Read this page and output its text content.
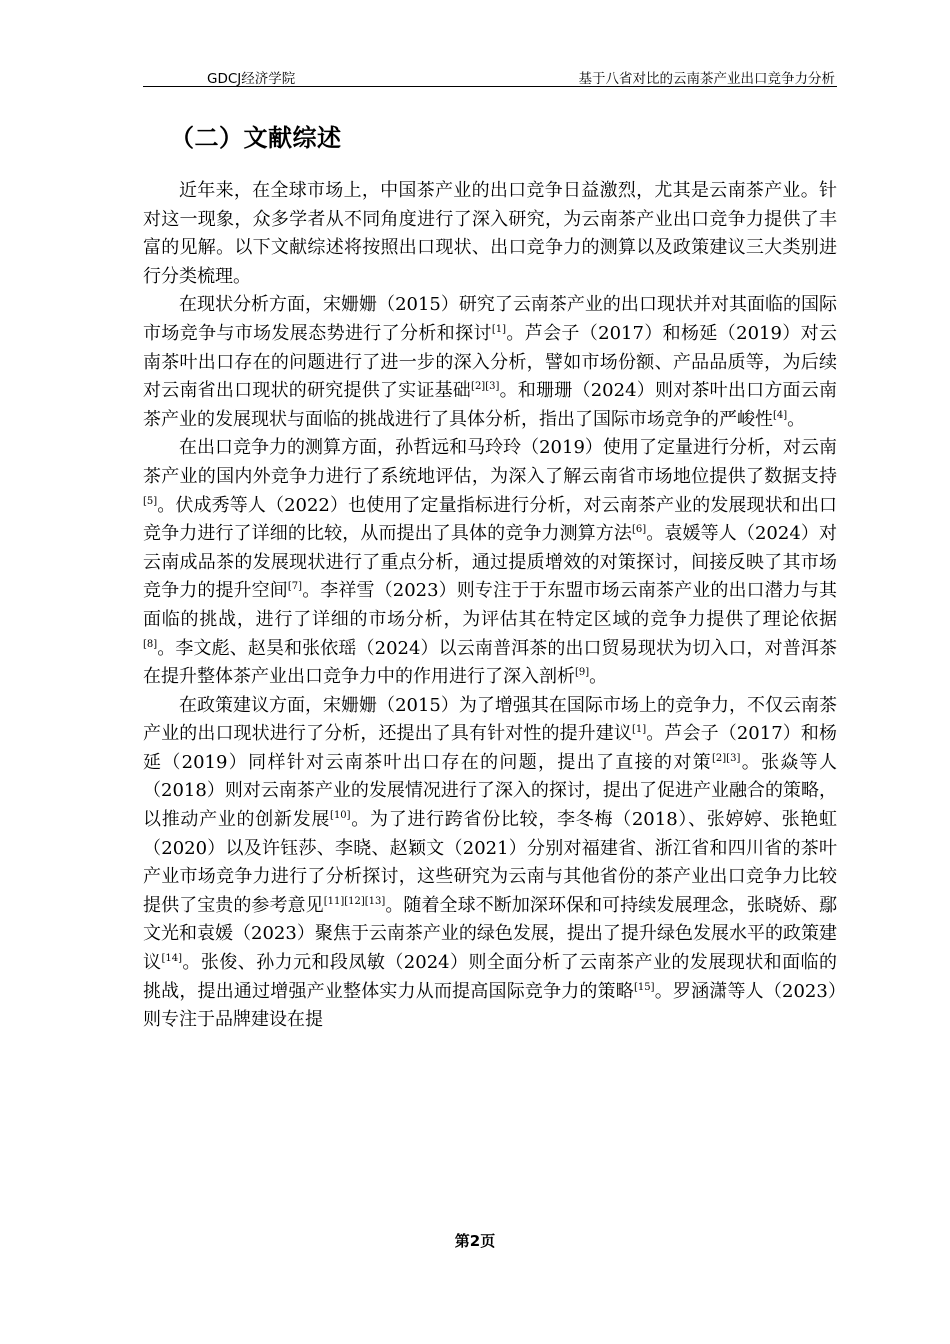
GDCJ经济学院	基于八省对比的云南茶产业出口竞争力分析
（二）文献综述

近年来，在全球市场上，中国茶产业的出口竞争日益激烈，尤其是云南茶产业。针对这一现象，众多学者从不同角度进行了深入研究，为云南茶产业出口竞争力提供了丰富的见解。以下文献综述将按照出口现状、出口竞争力的测算以及政策建议三大类别进行分类梳理。

在现状分析方面，宋姗姗（2015）研究了云南茶产业的出口现状并对其面临的国际市场竞争与市场发展态势进行了分析和探讨[1]。芦会子（2017）和杨延（2019）对云南茶叶出口存在的问题进行了进一步的深入分析，譬如市场份额、产品品质等，为后续对云南省出口现状的研究提供了实证基础[2][3]。和珊珊（2024）则对茶叶出口方面云南茶产业的发展现状与面临的挑战进行了具体分析，指出了国际市场竞争的严峻性[4]。

在出口竞争力的测算方面，孙哲远和马玲玲（2019）使用了定量进行分析，对云南茶产业的国内外竞争力进行了系统地评估，为深入了解云南省市场地位提供了数据支持[5]。伏成秀等人（2022）也使用了定量指标进行分析，对云南茶产业的发展现状和出口竞争力进行了详细的比较，从而提出了具体的竞争力测算方法[6]。袁媛等人（2024）对云南成品茶的发展现状进行了重点分析，通过提质增效的对策探讨，间接反映了其市场竞争力的提升空间[7]。李祥雪（2023）则专注于于东盟市场云南茶产业的出口潜力与其面临的挑战，进行了详细的市场分析，为评估其在特定区域的竞争力提供了理论依据[8]。李文彪、赵昊和张依瑶（2024）以云南普洱茶的出口贸易现状为切入口，对普洱茶在提升整体茶产业出口竞争力中的作用进行了深入剖析[9]。

在政策建议方面，宋姗姗（2015）为了增强其在国际市场上的竞争力，不仅云南茶产业的出口现状进行了分析，还提出了具有针对性的提升建议[1]。芦会子（2017）和杨延（2019）同样针对云南茶叶出口存在的问题，提出了直接的对策[2][3]。张焱等人（2018）则对云南茶产业的发展情况进行了深入的探讨，提出了促进产业融合的策略，以推动产业的创新发展[10]。为了进行跨省份比较，李冬梅（2018）、张婷婷、张艳虹（2020）以及许钰莎、李晓、赵颖文（2021）分别对福建省、浙江省和四川省的茶叶产业市场竞争力进行了分析探讨，这些研究为云南与其他省份的茶产业出口竞争力比较提供了宝贵的参考意见[11][12][13]。随着全球不断加深环保和可持续发展理念，张晓娇、鄢文光和袁媛（2023）聚焦于云南茶产业的绿色发展，提出了提升绿色发展水平的政策建议[14]。张俊、孙力元和段凤敏（2024）则全面分析了云南茶产业的发展现状和面临的挑战，提出通过增强产业整体实力从而提高国际竞争力的策略[15]。罗涵潇等人（2023）则专注于品牌建设在提

第2页
